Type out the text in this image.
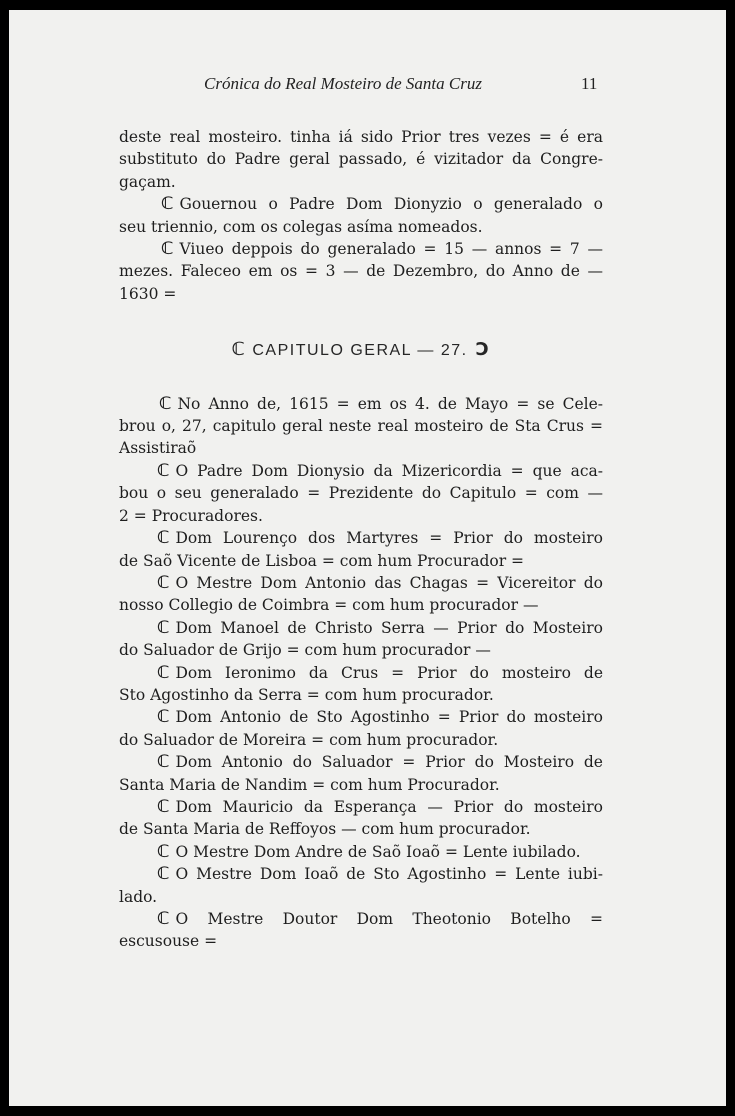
Crónica do Real Mosteiro de Santa Cruz	11

deste real mosteiro. tinha iá sido Prior tres vezes = é era
substituto do Padre geral passado, é vizitador da Congre-
gaçam.

ℂ Gouernou o Padre Dom Dionyzio o generalado o
seu triennio, com os colegas asíma nomeados.

ℂ Viueo deppois do generalado = 15 — annos = 7 —
mezes. Faleceo em os = 3 — de Dezembro, do Anno de —
1630 =

ℂ CAPITULO GERAL — 27. Ɔ

ℂ No Anno de, 1615 = em os 4. de Mayo = se Cele-
brou o, 27, capitulo geral neste real mosteiro de Sta Crus =
Assistiraõ

ℂ O Padre Dom Dionysio da Mizericordia = que aca-
bou o seu generalado = Prezidente do Capitulo = com —
2 = Procuradores.

ℂ Dom Lourenço dos Martyres = Prior do mosteiro
de Saõ Vicente de Lisboa = com hum Procurador =

ℂ O Mestre Dom Antonio das Chagas = Vicereitor do
nosso Collegio de Coimbra = com hum procurador —

ℂ Dom Manoel de Christo Serra — Prior do Mosteiro
do Saluador de Grijo = com hum procurador —

ℂ Dom Ieronimo da Crus = Prior do mosteiro de
Sto Agostinho da Serra = com hum procurador.

ℂ Dom Antonio de Sto Agostinho = Prior do mosteiro
do Saluador de Moreira = com hum procurador.

ℂ Dom Antonio do Saluador = Prior do Mosteiro de
Santa Maria de Nandim = com hum Procurador.

ℂ Dom Mauricio da Esperança — Prior do mosteiro
de Santa Maria de Reffoyos — com hum procurador.

ℂ O Mestre Dom Andre de Saõ Ioaõ = Lente iubilado.

ℂ O Mestre Dom Ioaõ de Sto Agostinho = Lente iubi-
lado.

ℂ O Mestre Doutor Dom Theotonio Botelho =
escusouse =
